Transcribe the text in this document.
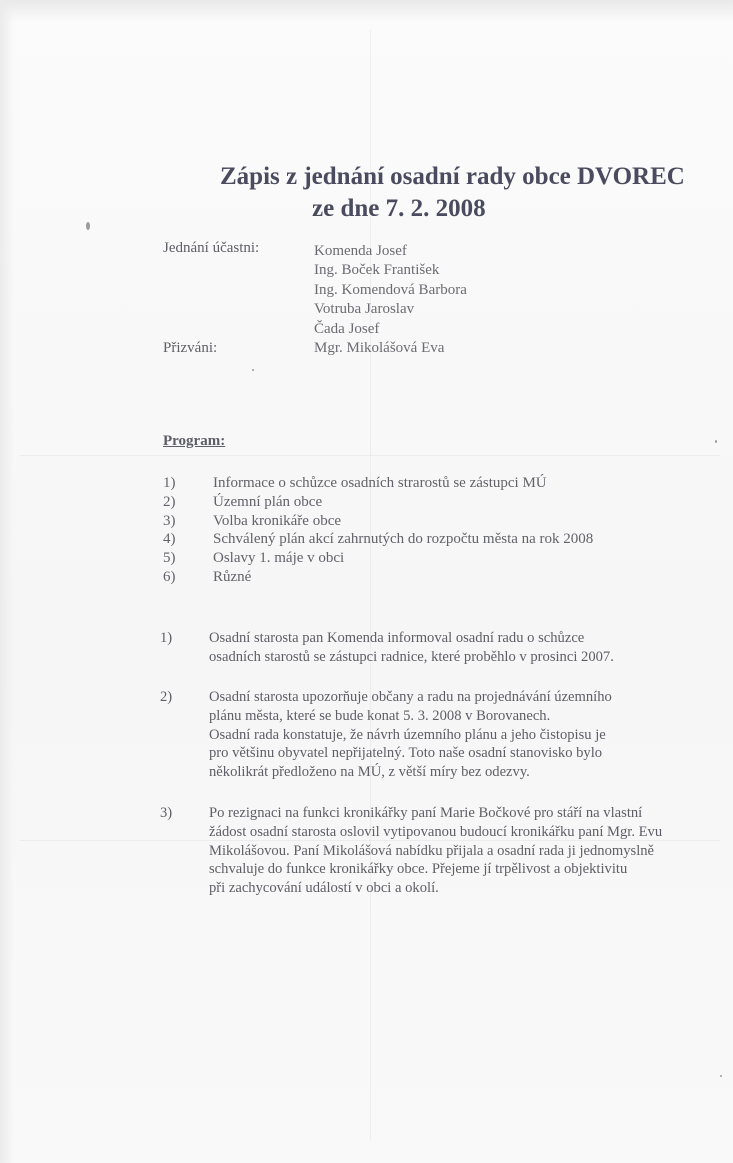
Zápis z jednání osadní rady obce DVOREC
ze dne 7. 2. 2008
Jednání účastni:	Komenda Josef
Ing. Boček František
Ing. Komendová Barbora
Votruba Jaroslav
Čada Josef
Přizváni:	Mgr. Mikolášová Eva
Program:
1)	Informace o schůzce osadních strarostů se zástupci MÚ
2)	Územní plán obce
3)	Volba kronikáře obce
4)	Schválený plán akcí zahrnutých do rozpočtu města na rok 2008
5)	Oslavy 1. máje v obci
6)	Různé
1)	Osadní starosta pan Komenda informoval osadní radu o schůzce
osadních starostů se zástupci radnice, které proběhlo v prosinci 2007.
2)	Osadní starosta upozorňuje občany a radu na projednávání územního
plánu města, které se bude konat 5. 3. 2008 v Borovanech.
Osadní rada konstatuje, že návrh územního plánu a jeho čistopisu je
pro většinu obyvatel nepřijatelný. Toto naše osadní stanovisko bylo
několikrát předloženo na MÚ, z větší míry bez odezvy.
3)	Po rezignaci na funkci kronikářky paní Marie Bočkové pro stáří na vlastní
žádost osadní starosta oslovil vytipovanou budoucí kronikářku paní Mgr. Evu
Mikolášovou. Paní Mikolášová nabídku přijala a osadní rada ji jednomyslně
schvaluje do funkce kronikářky obce. Přejeme jí trpělivost a objektivitu
při zachycování událostí v obci a okolí.
